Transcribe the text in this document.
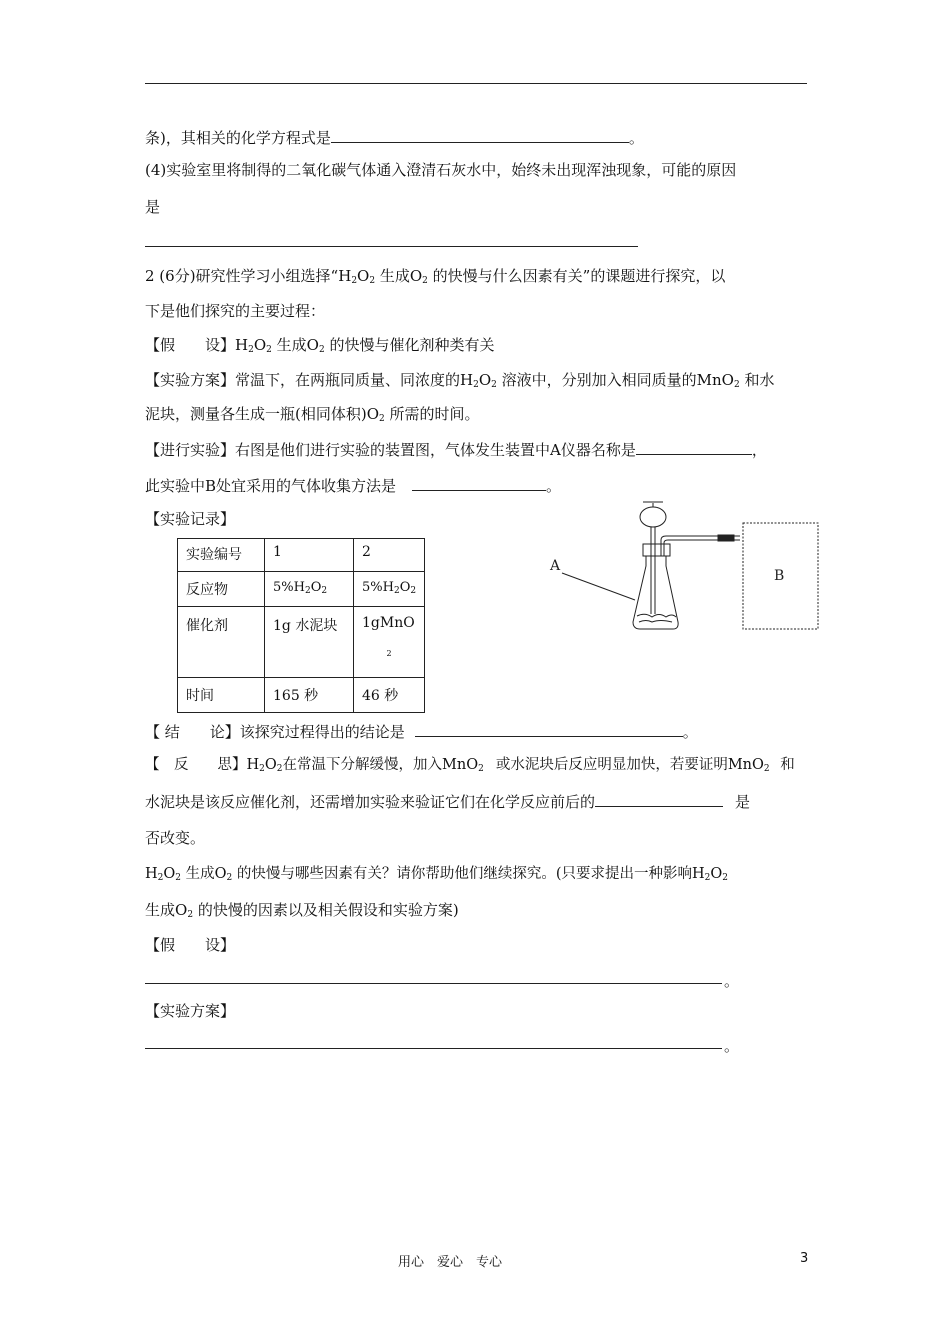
条)，其相关的化学方程式是	。
(4)实验室里将制得的二氧化碳气体通入澄清石灰水中，始终未出现浑浊现象，可能的原因
是
2 (6分)研究性学习小组选择“$H_2O_2$ 生成$O_2$ 的快慢与什么因素有关”的课题进行探究，以
下是他们探究的主要过程：
【假　　设】$H_2O_2$ 生成$O_2$ 的快慢与催化剂种类有关
【实验方案】常温下，在两瓶同质量、同浓度的$H_2O_2$ 溶液中，分别加入相同质量的MnO$_2$ 和水
泥块，测量各生成一瓶(相同体积)$O_2$ 所需的时间。
【进行实验】右图是他们进行实验的装置图，气体发生装置中A仪器名称是	，
此实验中B处宜采用的气体收集方法是	。
【实验记录】
实验编号	1	2
反应物	$5\%H_2O_2$	$5\%H_2O_2$
催化剂	1g 水泥块	1gMnO
2

时间	165 秒	46 秒
A
B
【 结　　论】该探究过程得出的结论是	。
【　反　　思】$H_2O_2$在常温下分解缓慢，加入MnO$_2$ 或水泥块后反应明显加快，若要证明MnO$_2$ 和
水泥块是该反应催化剂，还需增加实验来验证它们在化学反应前后的	是
否改变。
$H_2O_2$ 生成$O_2$ 的快慢与哪些因素有关？请你帮助他们继续探究。(只要求提出一种影响$H_2O_2$
生成$O_2$ 的快慢的因素以及相关假设和实验方案)
【假　　设】
。
【实验方案】
。
用心　爱心　专心	3
